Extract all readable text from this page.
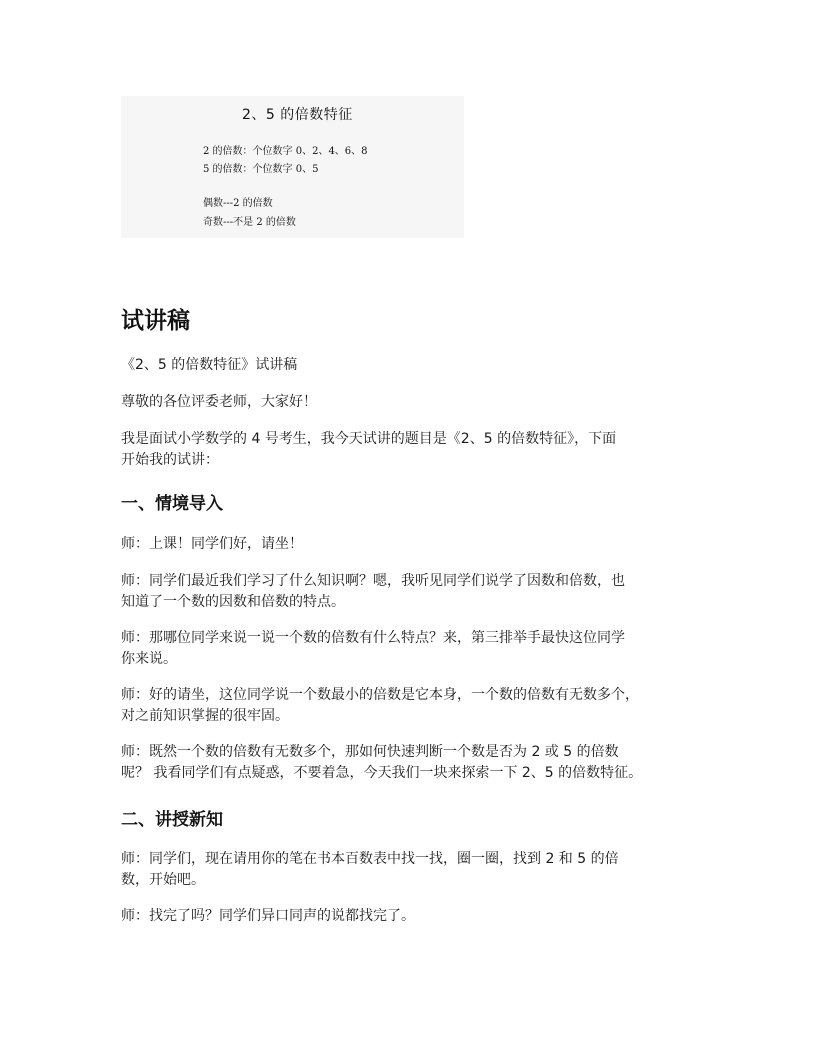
2、5 的倍数特征
2 的倍数：个位数字 0、2、4、6、8
5 的倍数：个位数字 0、5
偶数---2 的倍数
奇数---不是 2 的倍数
试讲稿

《2、5 的倍数特征》试讲稿

尊敬的各位评委老师，大家好！

我是面试小学数学的 4 号考生，我今天试讲的题目是《2、5 的倍数特征》，下面
开始我的试讲：

一、情境导入

师：上课！同学们好，请坐！

师：同学们最近我们学习了什么知识啊？嗯，我听见同学们说学了因数和倍数，也
知道了一个数的因数和倍数的特点。

师：那哪位同学来说一说一个数的倍数有什么特点？来，第三排举手最快这位同学
你来说。

师：好的请坐，这位同学说一个数最小的倍数是它本身，一个数的倍数有无数多个，
对之前知识掌握的很牢固。

师：既然一个数的倍数有无数多个，那如何快速判断一个数是否为 2 或 5 的倍数
呢？ 我看同学们有点疑惑，不要着急，今天我们一块来探索一下 2、5 的倍数特征。

二、讲授新知

师：同学们，现在请用你的笔在书本百数表中找一找，圈一圈，找到 2 和 5 的倍
数，开始吧。

师：找完了吗？同学们异口同声的说都找完了。
